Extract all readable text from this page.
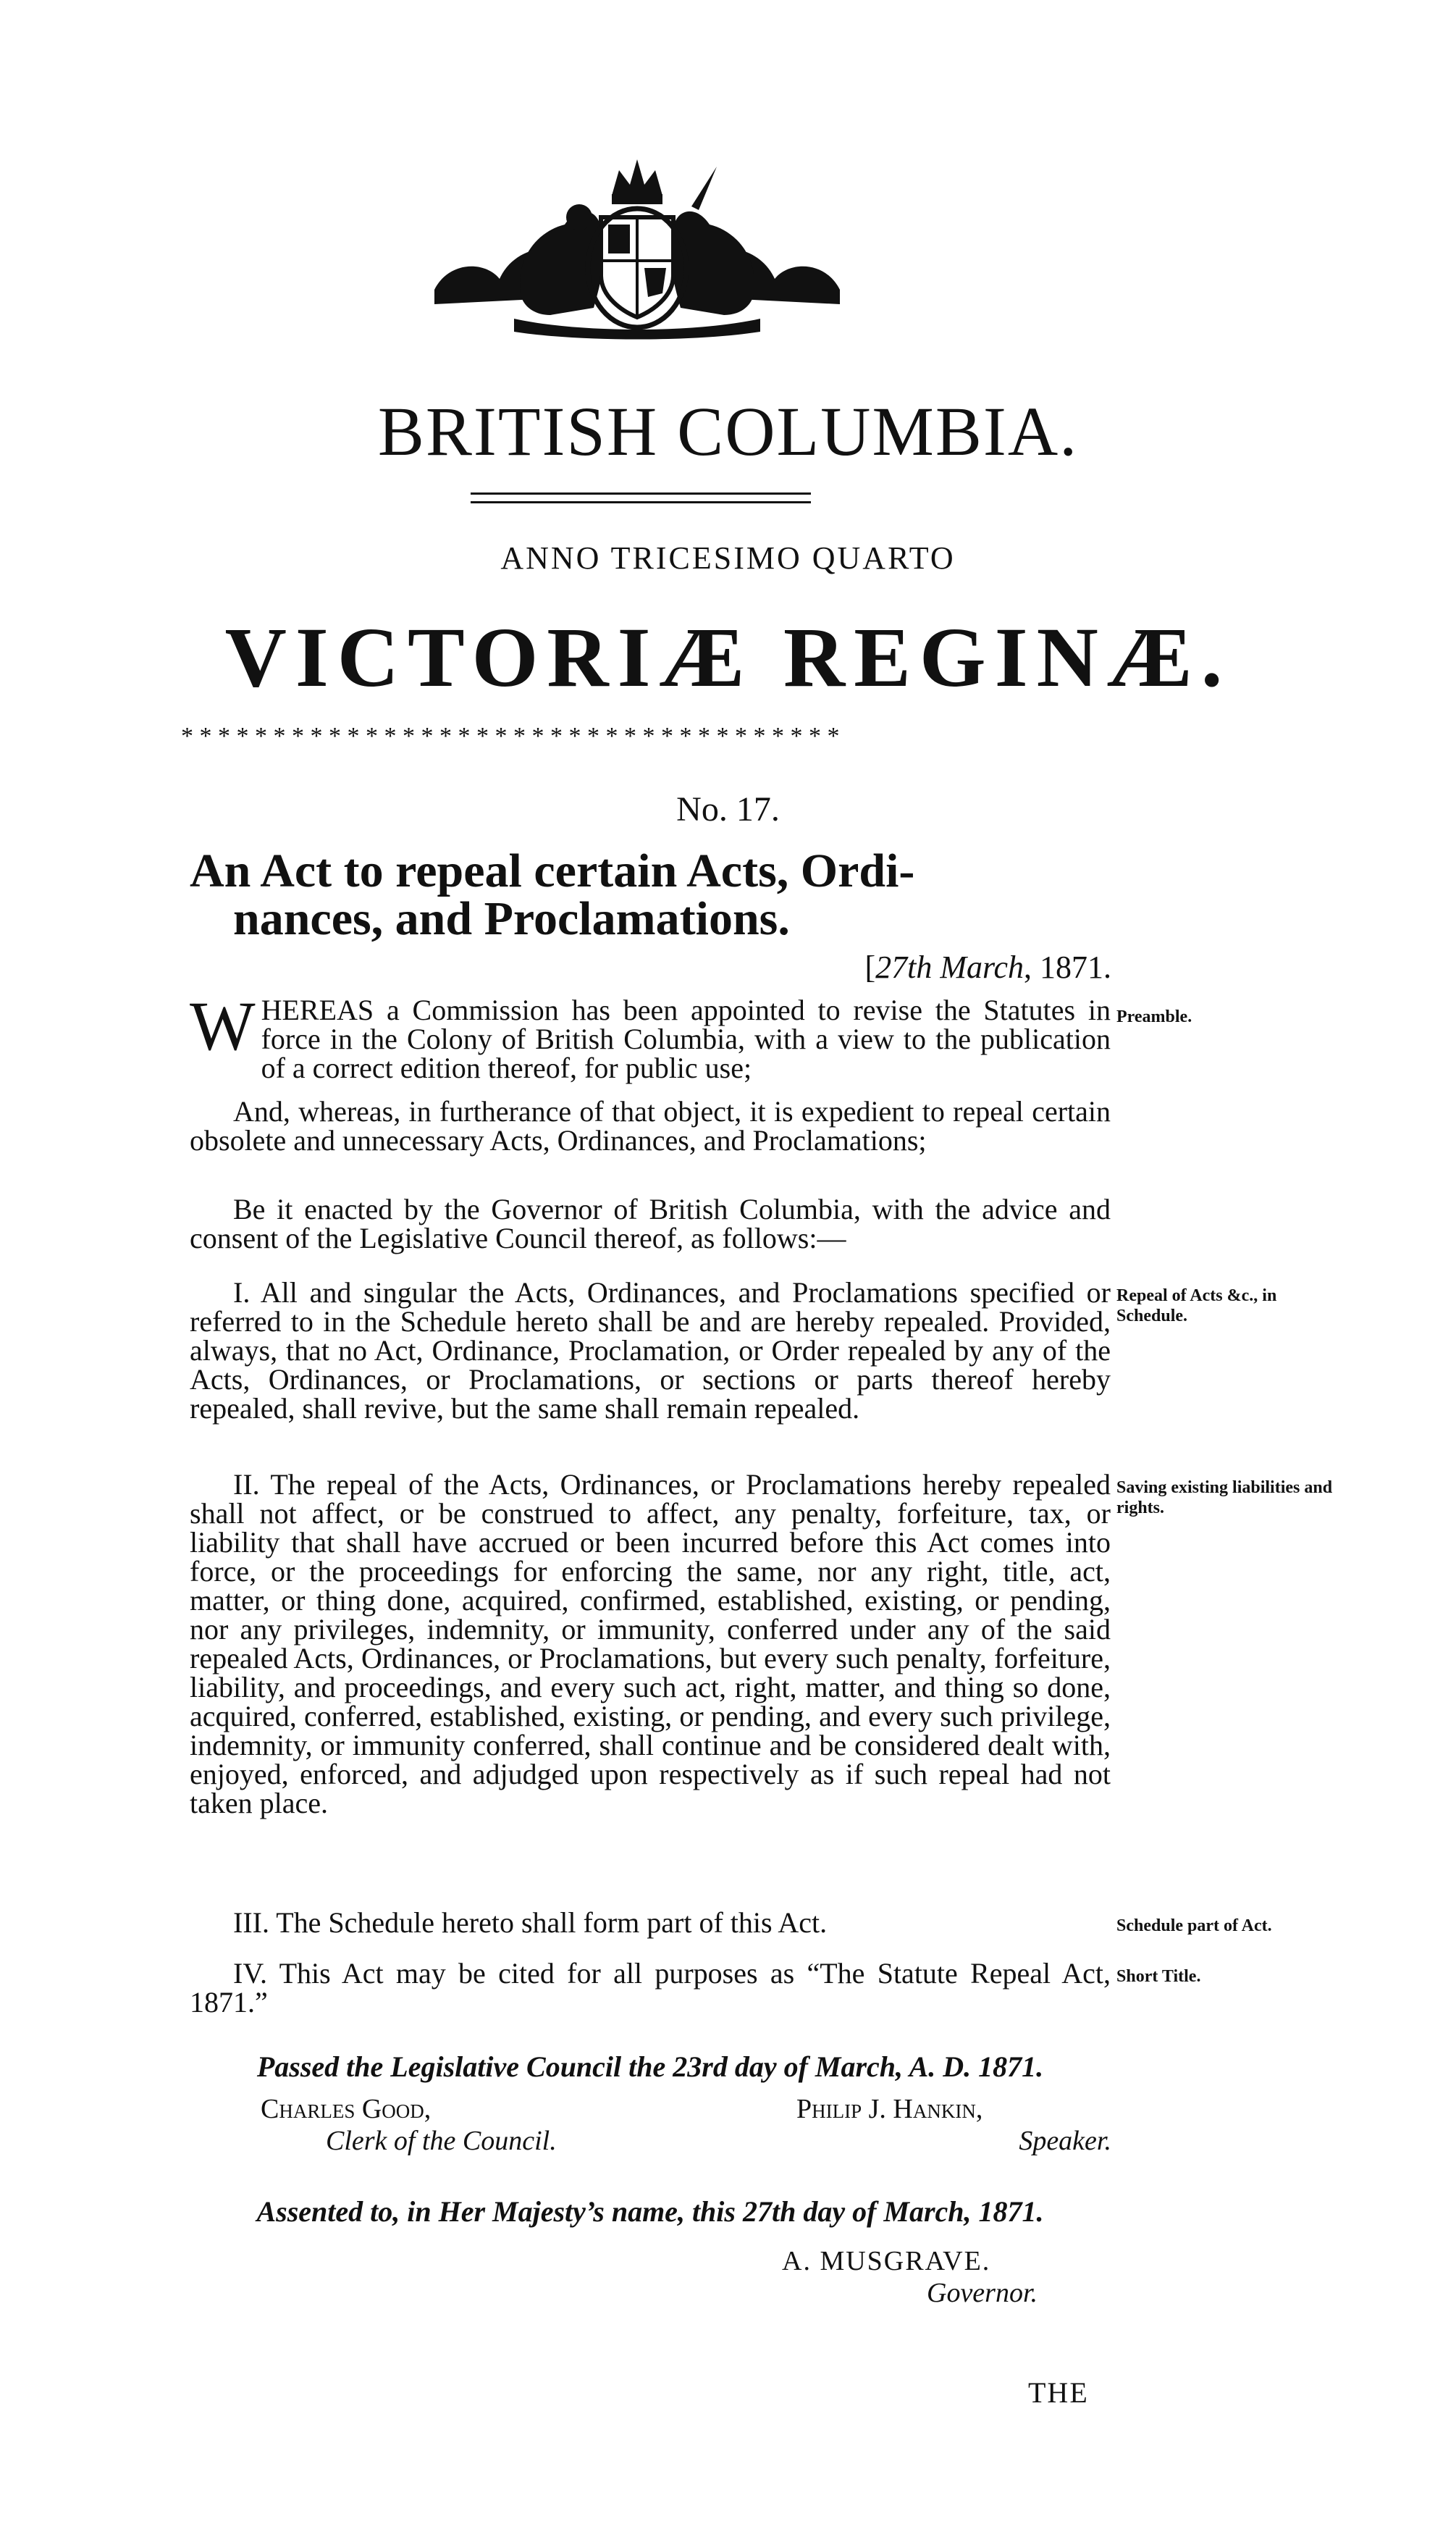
BRITISH COLUMBIA.
ANNO TRICESIMO QUARTO
VICTORIÆ REGINÆ.
* * * * * * * * * * * * * * * * * * * * * * * * * * * * * * * * * * * *
No. 17.
An Act to repeal certain Acts, Ordi-
nances, and Proclamations.
[27th March, 1871.

WHEREAS a Commission has been appointed to revise the Statutes in force in the Colony of British Columbia, with a view to the publication of a correct edition thereof, for public use;

And, whereas, in furtherance of that object, it is expedient to repeal certain obsolete and unnecessary Acts, Ordinances, and Proclamations;
Be it enacted by the Governor of British Columbia, with the advice and consent of the Legislative Council thereof, as follows:—
I. All and singular the Acts, Ordinances, and Proclamations specified or referred to in the Schedule hereto shall be and are hereby repealed. Provided, always, that no Act, Ordinance, Proclamation, or Order repealed by any of the Acts, Ordinances, or Proclamations, or sections or parts thereof hereby repealed, shall revive, but the same shall remain repealed.
II. The repeal of the Acts, Ordinances, or Proclamations hereby repealed shall not affect, or be construed to affect, any penalty, forfeiture, tax, or liability that shall have accrued or been incurred before this Act comes into force, or the proceedings for enforcing the same, nor any right, title, act, matter, or thing done, acquired, confirmed, established, existing, or pending, nor any privileges, indemnity, or immunity, conferred under any of the said repealed Acts, Ordinances, or Proclamations, but every such penalty, forfeiture, liability, and proceedings, and every such act, right, matter, and thing so done, acquired, conferred, established, existing, or pending, and every such privilege, indemnity, or immunity conferred, shall continue and be considered dealt with, enjoyed, enforced, and adjudged upon respectively as if such repeal had not taken place.
III. The Schedule hereto shall form part of this Act.
IV. This Act may be cited for all purposes as “The Statute Repeal Act, 1871.”
Preamble.
Repeal of Acts &c., in Schedule.
Saving existing liabilities and rights.
Schedule part of Act.
Short Title.
Passed the Legislative Council the 23rd day of March, A. D. 1871.
Charles Good,
Clerk of the Council.
Philip J. Hankin,
Speaker.
Assented to, in Her Majesty’s name, this 27th day of March, 1871.
A. MUSGRAVE.
Governor.
THE
